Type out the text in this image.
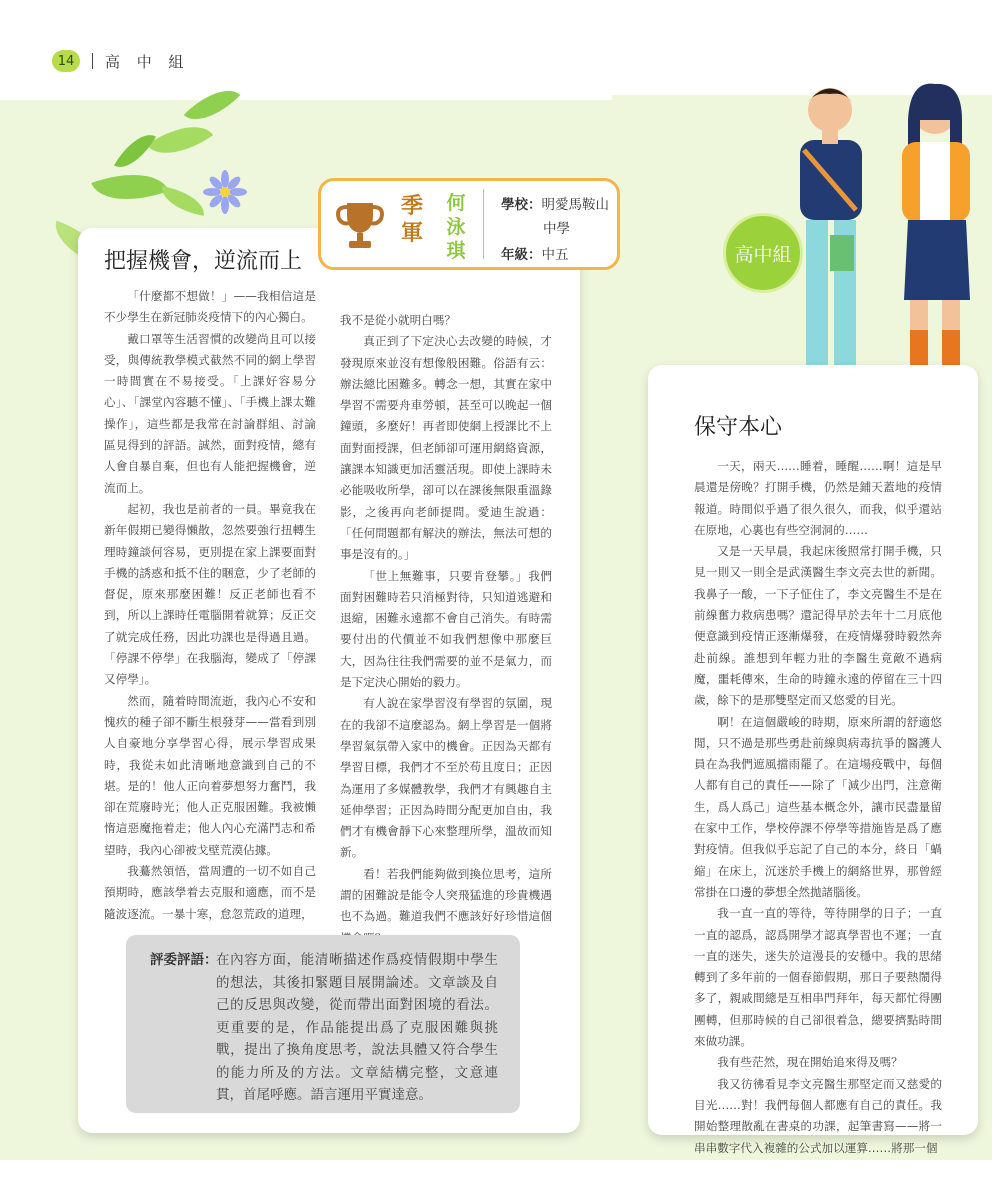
14	高 中 組
高中組
把握機會，逆流而上
季軍
何泳琪
學校：明愛馬鞍山
中學
年級：中五

「什麼都不想做！」——我相信這是不少學生在新冠肺炎疫情下的內心獨白。

戴口罩等生活習慣的改變尚且可以接受，與傳統教學模式截然不同的網上學習一時間實在不易接受。「上課好容易分心」、「課堂內容聽不懂」、「手機上課太難操作」，這些都是我常在討論群組、討論區見得到的評語。誠然，面對疫情，總有人會自暴自棄，但也有人能把握機會，逆流而上。

起初，我也是前者的一員。畢竟我在新年假期已變得懶散，忽然要強行扭轉生理時鐘談何容易，更別提在家上課要面對手機的誘惑和抵不住的睏意，少了老師的督促，原來那麼困難！反正老師也看不到，所以上課時任電腦開着就算；反正交了就完成任務，因此功課也是得過且過。「停課不停學」在我腦海，變成了「停課又停學」。

然而，隨着時間流逝，我內心不安和愧疚的種子卻不斷生根發芽——當看到別人自豪地分享學習心得，展示學習成果時，我從未如此清晰地意識到自己的不堪。是的！他人正向着夢想努力奮鬥，我卻在荒廢時光；他人正克服困難。我被懶惰這惡魔拖着走；他人內心充滿鬥志和希望時，我內心卻被戈壁荒漠佔據。

我驀然領悟，當周遭的一切不如自己預期時，應該學着去克服和適應，而不是隨波逐流。一暴十寒，怠忽荒政的道理，

我不是從小就明白嗎？

真正到了下定決心去改變的時候，才發現原來並沒有想像般困難。俗語有云：辦法總比困難多。轉念一想，其實在家中學習不需要舟車勞頓，甚至可以晚起一個鐘頭，多麼好！再者即使網上授課比不上面對面授課，但老師卻可運用網絡資源，讓課本知識更加活靈活現。即使上課時未必能吸收所學，卻可以在課後無限重溫錄影，之後再向老師提問。愛迪生說過：「任何問題都有解決的辦法，無法可想的事是沒有的。」

「世上無難事，只要肯登攀。」我們面對困難時若只消極對待，只知道逃避和退縮，困難永遠都不會自己消失。有時需要付出的代價並不如我們想像中那麼巨大，因為往往我們需要的並不是氣力，而是下定決心開始的毅力。

有人說在家學習沒有學習的氛圍，現在的我卻不這麼認為。網上學習是一個將學習氣氛帶入家中的機會。正因為天都有學習目標，我們才不至於苟且度日；正因為運用了多媒體教學，我們才有興趣自主延伸學習；正因為時間分配更加自由，我們才有機會靜下心來整理所學，溫故而知新。

看！若我們能夠做到換位思考，這所謂的困難說是能令人突飛猛進的珍貴機遇也不為過。難道我們不應該好好珍惜這個

評委評語：
在內容方面，能清晰描述作爲疫情假期中學生的想法，其後扣緊題目展開論述。文章談及自己的反思與改變，從而帶出面對困境的看法。更重要的是，作品能提出爲了克服困難與挑戰，提出了換角度思考，說法具體又符合學生的能力所及的方法。文章結構完整，文意連貫，首尾呼應。語言運用平實達意。
保守本心

一天，兩天……睡着，睡醒……啊！這是早晨還是傍晚？打開手機，仍然是鋪天蓋地的疫情報道。時間似乎過了很久很久，而我，似乎還站在原地，心裏也有些空洞洞的……

又是一天早晨，我起床後照常打開手機，只見一則又一則全是武漢醫生李文亮去世的新聞。我鼻子一酸，一下子怔住了，李文亮醫生不是在前線奮力救病患嗎？還記得早於去年十二月底他便意識到疫情正逐漸爆發，在疫情爆發時毅然奔赴前線。誰想到年輕力壯的李醫生竟敵不過病魔，噩耗傳來，生命的時鐘永遠的停留在三十四歲，餘下的是那雙堅定而又悠愛的目光。

啊！在這個嚴峻的時期，原來所謂的舒適悠閒，只不過是那些勇赴前線與病毒抗爭的醫護人員在為我們遮風擋雨罷了。在這場疫戰中，每個人都有自己的責任——除了「減少出門，注意衛生，爲人爲己」這些基本概念外，讓市民盡量留在家中工作，學校停課不停學等措施皆是爲了應對疫情。但我似乎忘記了自己的本分，終日「蝸縮」在床上，沉迷於手機上的網絡世界，那曾經常掛在口邊的夢想全然拋諸腦後。

我一直一直的等待，等待開學的日子；一直一直的認爲，認爲開學才認真學習也不遲；一直一直的迷失，迷失於這漫長的安穩中。我的思緒轉到了多年前的一個春節假期，那日子要熱鬧得多了，親戚間總是互相串門拜年，每天都忙得團團轉，但那時候的自己卻很着急，總要擠點時間來做功課。

我有些茫然，現在開始追來得及嗎？

我又彷彿看見李文亮醫生那堅定而又慈愛的目光……對！我們每個人都應有自己的責任。我開始整理散亂在書桌的功課，起筆書寫——將一串串數字代入複雜的公式加以運算……將那一個
